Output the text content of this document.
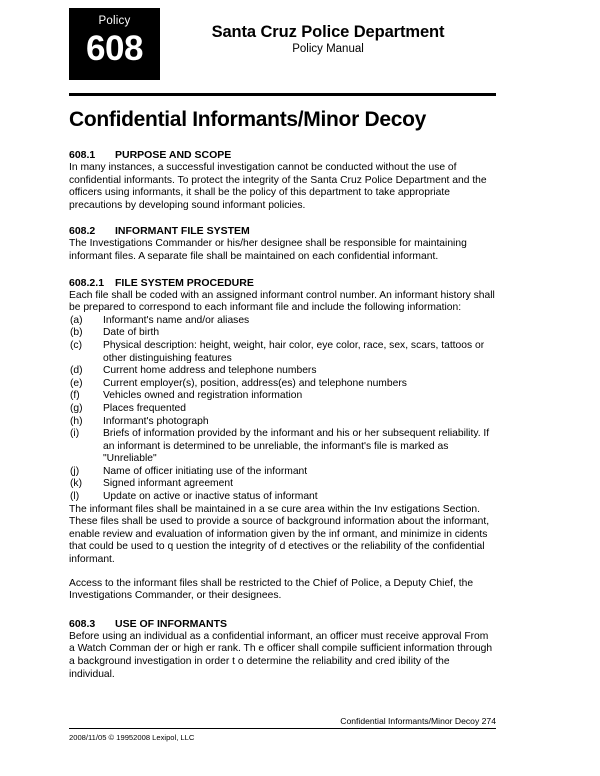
Policy
608	Santa Cruz Police Department
Policy Manual
Confidential Informants/Minor Decoy
608.1 PURPOSE AND SCOPE

In many instances, a successful investigation cannot be conducted without the use of confidential informants. To protect the integrity of the Santa Cruz Police Department and the officers using informants, it shall be the policy of this department to take appropriate precautions by developing sound informant policies.

608.2 INFORMANT FILE SYSTEM

The Investigations Commander or his/her designee shall be responsible for maintaining informant files. A separate file shall be maintained on each confidential informant.

608.2.1 FILE SYSTEM PROCEDURE

Each file shall be coded with an assigned informant control number. An informant history shall be prepared to correspond to each informant file and include the following information:

(a) Informant's name and/or aliases
(b) Date of birth
(c) Physical description: height, weight, hair color, eye color, race, sex, scars, tattoos or other distinguishing features
(d) Current home address and telephone numbers
(e) Current employer(s), position, address(es) and telephone numbers
(f) Vehicles owned and registration information
(g) Places frequented
(h) Informant's photograph
(i) Briefs of information provided by the informant and his or her subsequent reliability. If an informant is determined to be unreliable, the informant's file is marked as "Unreliable"
(j) Name of officer initiating use of the informant
(k) Signed informant agreement
(l) Update on active or inactive status of informant

The informant files shall be maintained in a se cure area within the Inv estigations Section. These files shall be used to provide a source of background information about the informant, enable review and evaluation of information given by the inf ormant, and minimize in cidents that could be used to q uestion the integrity of d etectives or the reliability of the confidential informant.

Access to the informant files shall be restricted to the Chief of Police, a Deputy Chief, the Investigations Commander, or their designees.

608.3 USE OF INFORMANTS

Before using an individual as a confidential informant, an officer must receive approval From a Watch Comman der or high er rank. Th e officer shall compile sufficient information through a background investigation in order t o determine the reliability and cred ibility of the individual.

Confidential Informants/Minor Decoy 274
2008/11/05 © 19952008 Lexipol, LLC
